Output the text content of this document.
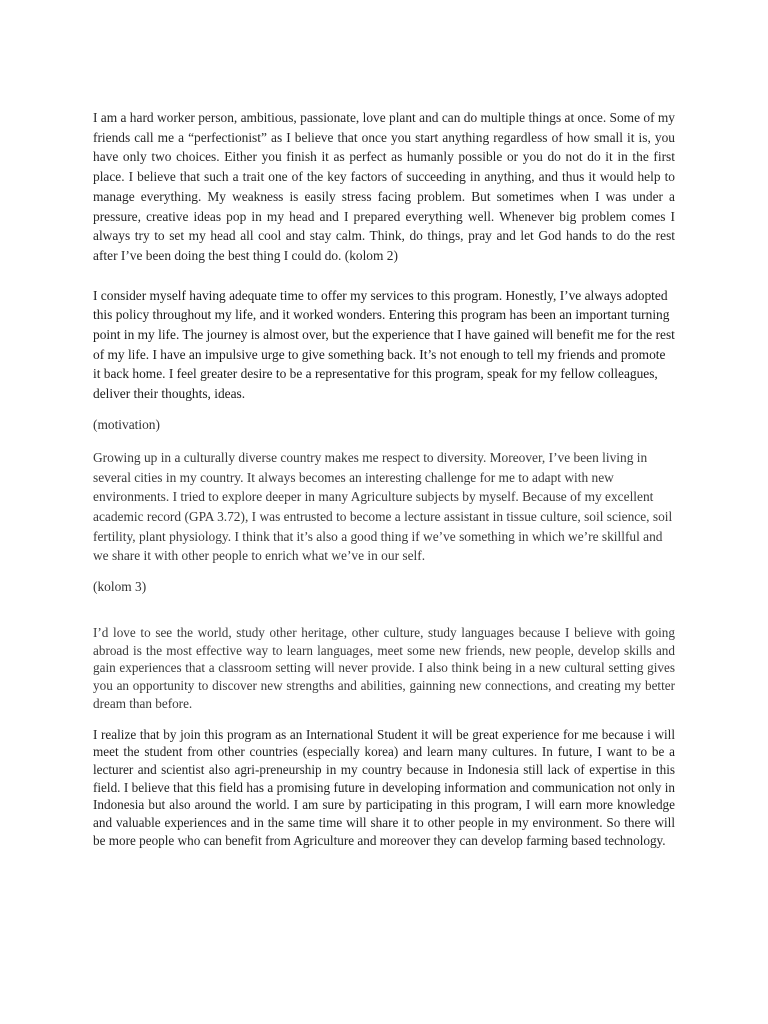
I am a hard worker person, ambitious, passionate, love plant and can do multiple things at once. Some of my friends call me a “perfectionist” as I believe that once you start anything regardless of how small it is, you have only two choices. Either you finish it as perfect as humanly possible or you do not do it in the first place. I believe that such a trait one of the key factors of succeeding in anything, and thus it would help to manage everything. My weakness is easily stress facing problem. But sometimes when I was under a pressure, creative ideas pop in my head and I prepared everything well. Whenever big problem comes I always try to set my head all cool and stay calm. Think, do things, pray and let God hands to do the rest after I’ve been doing the best thing I could do. (kolom 2)

I consider myself having adequate time to offer my services to this program. Honestly, I’ve always adopted this policy throughout my life, and it worked wonders. Entering this program has been an important turning point in my life. The journey is almost over, but the experience that I have gained will benefit me for the rest of my life. I have an impulsive urge to give something back. It’s not enough to tell my friends and promote it back home. I feel greater desire to be a representative for this program, speak for my fellow colleagues, deliver their thoughts, ideas.

(motivation)

Growing up in a culturally diverse country makes me respect to diversity. Moreover, I’ve been living in several cities in my country. It always becomes an interesting challenge for me to adapt with new environments. I tried to explore deeper in many Agriculture subjects by myself. Because of my excellent academic record (GPA 3.72), I was entrusted to become a lecture assistant in tissue culture, soil science, soil fertility, plant physiology. I think that it’s also a good thing if we’ve something in which we’re skillful and we share it with other people to enrich what we’ve in our self.

(kolom 3)

I’d love to see the world, study other heritage, other culture, study languages because I believe with going abroad is the most effective way to learn languages, meet some new friends, new people, develop skills and gain experiences that a classroom setting will never provide. I also think being in a new cultural setting gives you an opportunity to discover new strengths and abilities, gainning new connections, and creating my better dream than before.

I realize that by join this program as an International Student it will be great experience for me because i will meet the student from other countries (especially korea) and learn many cultures. In future, I want to be a lecturer and scientist also agri-preneurship in my country because in Indonesia still lack of expertise in this field. I believe that this field has a promising future in developing information and communication not only in Indonesia but also around the world. I am sure by participating in this program, I will earn more knowledge and valuable experiences and in the same time will share it to other people in my environment. So there will be more people who can benefit from Agriculture and moreover they can develop farming based technology.
